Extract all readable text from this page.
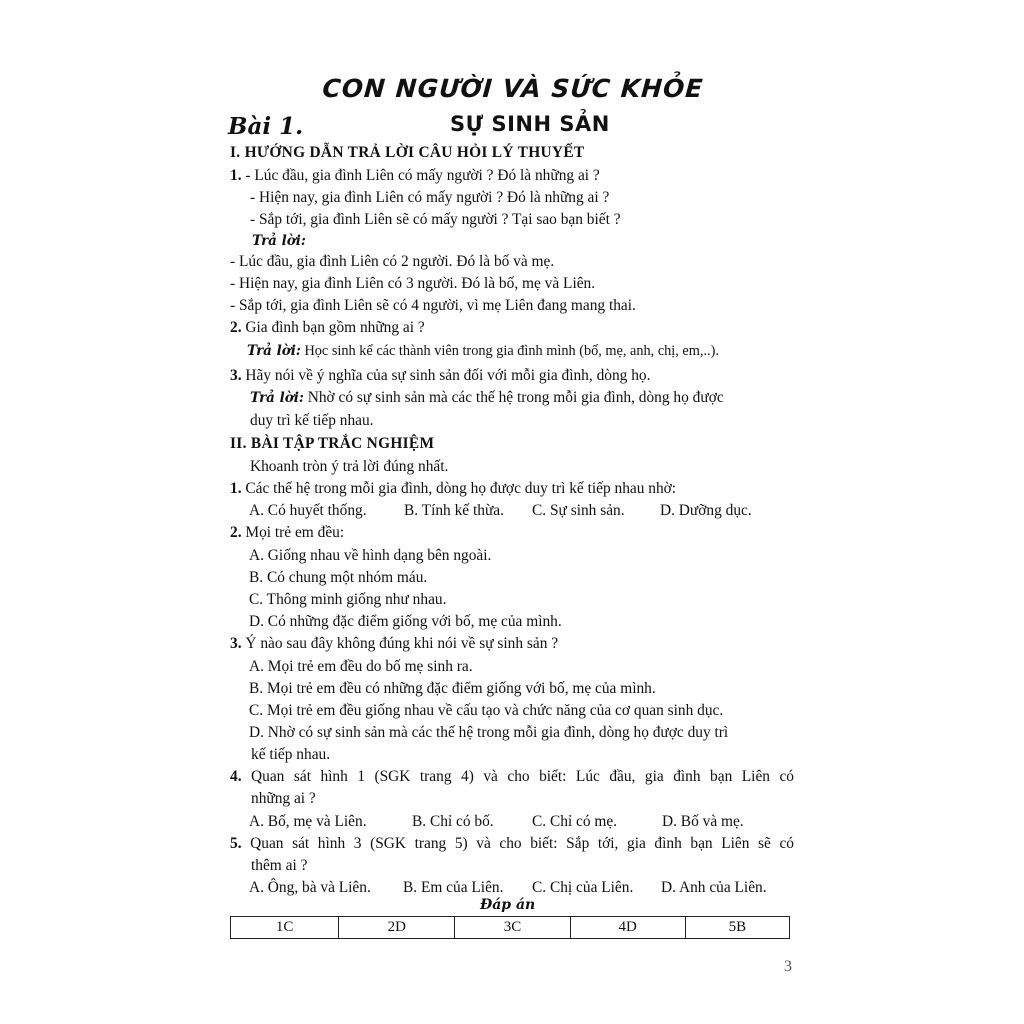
CON NGƯỜI VÀ SỨC KHỎE
Bài 1.	SỰ SINH SẢN
I. HƯỚNG DẪN TRẢ LỜI CÂU HỎI LÝ THUYẾT
1. - Lúc đầu, gia đình Liên có mấy người ? Đó là những ai ?
- Hiện nay, gia đình Liên có mấy người ? Đó là những ai ?
- Sắp tới, gia đình Liên sẽ có mấy người ? Tại sao bạn biết ?
Trả lời:
- Lúc đầu, gia đình Liên có 2 người. Đó là bố và mẹ.
- Hiện nay, gia đình Liên có 3 người. Đó là bố, mẹ và Liên.
- Sắp tới, gia đình Liên sẽ có 4 người, vì mẹ Liên đang mang thai.
2. Gia đình bạn gồm những ai ?
Trả lời: Học sinh kể các thành viên trong gia đình mình (bố, mẹ, anh, chị, em,..).
3. Hãy nói về ý nghĩa của sự sinh sản đối với mỗi gia đình, dòng họ.
Trả lời: Nhờ có sự sinh sản mà các thế hệ trong mỗi gia đình, dòng họ được
duy trì kế tiếp nhau.
II. BÀI TẬP TRẮC NGHIỆM
Khoanh tròn ý trả lời đúng nhất.
1. Các thế hệ trong mỗi gia đình, dòng họ được duy trì kế tiếp nhau nhờ:
A. Có huyết thống. B. Tính kế thừa. C. Sự sinh sản. D. Dưỡng dục.
2. Mọi trẻ em đều:
A. Giống nhau về hình dạng bên ngoài.
B. Có chung một nhóm máu.
C. Thông minh giống như nhau.
D. Có những đặc điểm giống với bố, mẹ của mình.
3. Ý nào sau đây không đúng khi nói về sự sinh sản ?
A. Mọi trẻ em đều do bố mẹ sinh ra.
B. Mọi trẻ em đều có những đặc điểm giống với bố, mẹ của mình.
C. Mọi trẻ em đều giống nhau về cấu tạo và chức năng của cơ quan sinh dục.
D. Nhờ có sự sinh sản mà các thế hệ trong mỗi gia đình, dòng họ được duy trì
kế tiếp nhau.
4. Quan sát hình 1 (SGK trang 4) và cho biết: Lúc đầu, gia đình bạn Liên có
những ai ?
A. Bố, mẹ và Liên.	B. Chỉ có bố. C. Chỉ có mẹ.	D. Bố và mẹ.
5. Quan sát hình 3 (SGK trang 5) và cho biết: Sắp tới, gia đình bạn Liên sẽ có
thêm ai ?
A. Ông, bà và Liên. B. Em của Liên. C. Chị của Liên. D. Anh của Liên.
Đáp án
1C	2D	3C	4D	5B
3
